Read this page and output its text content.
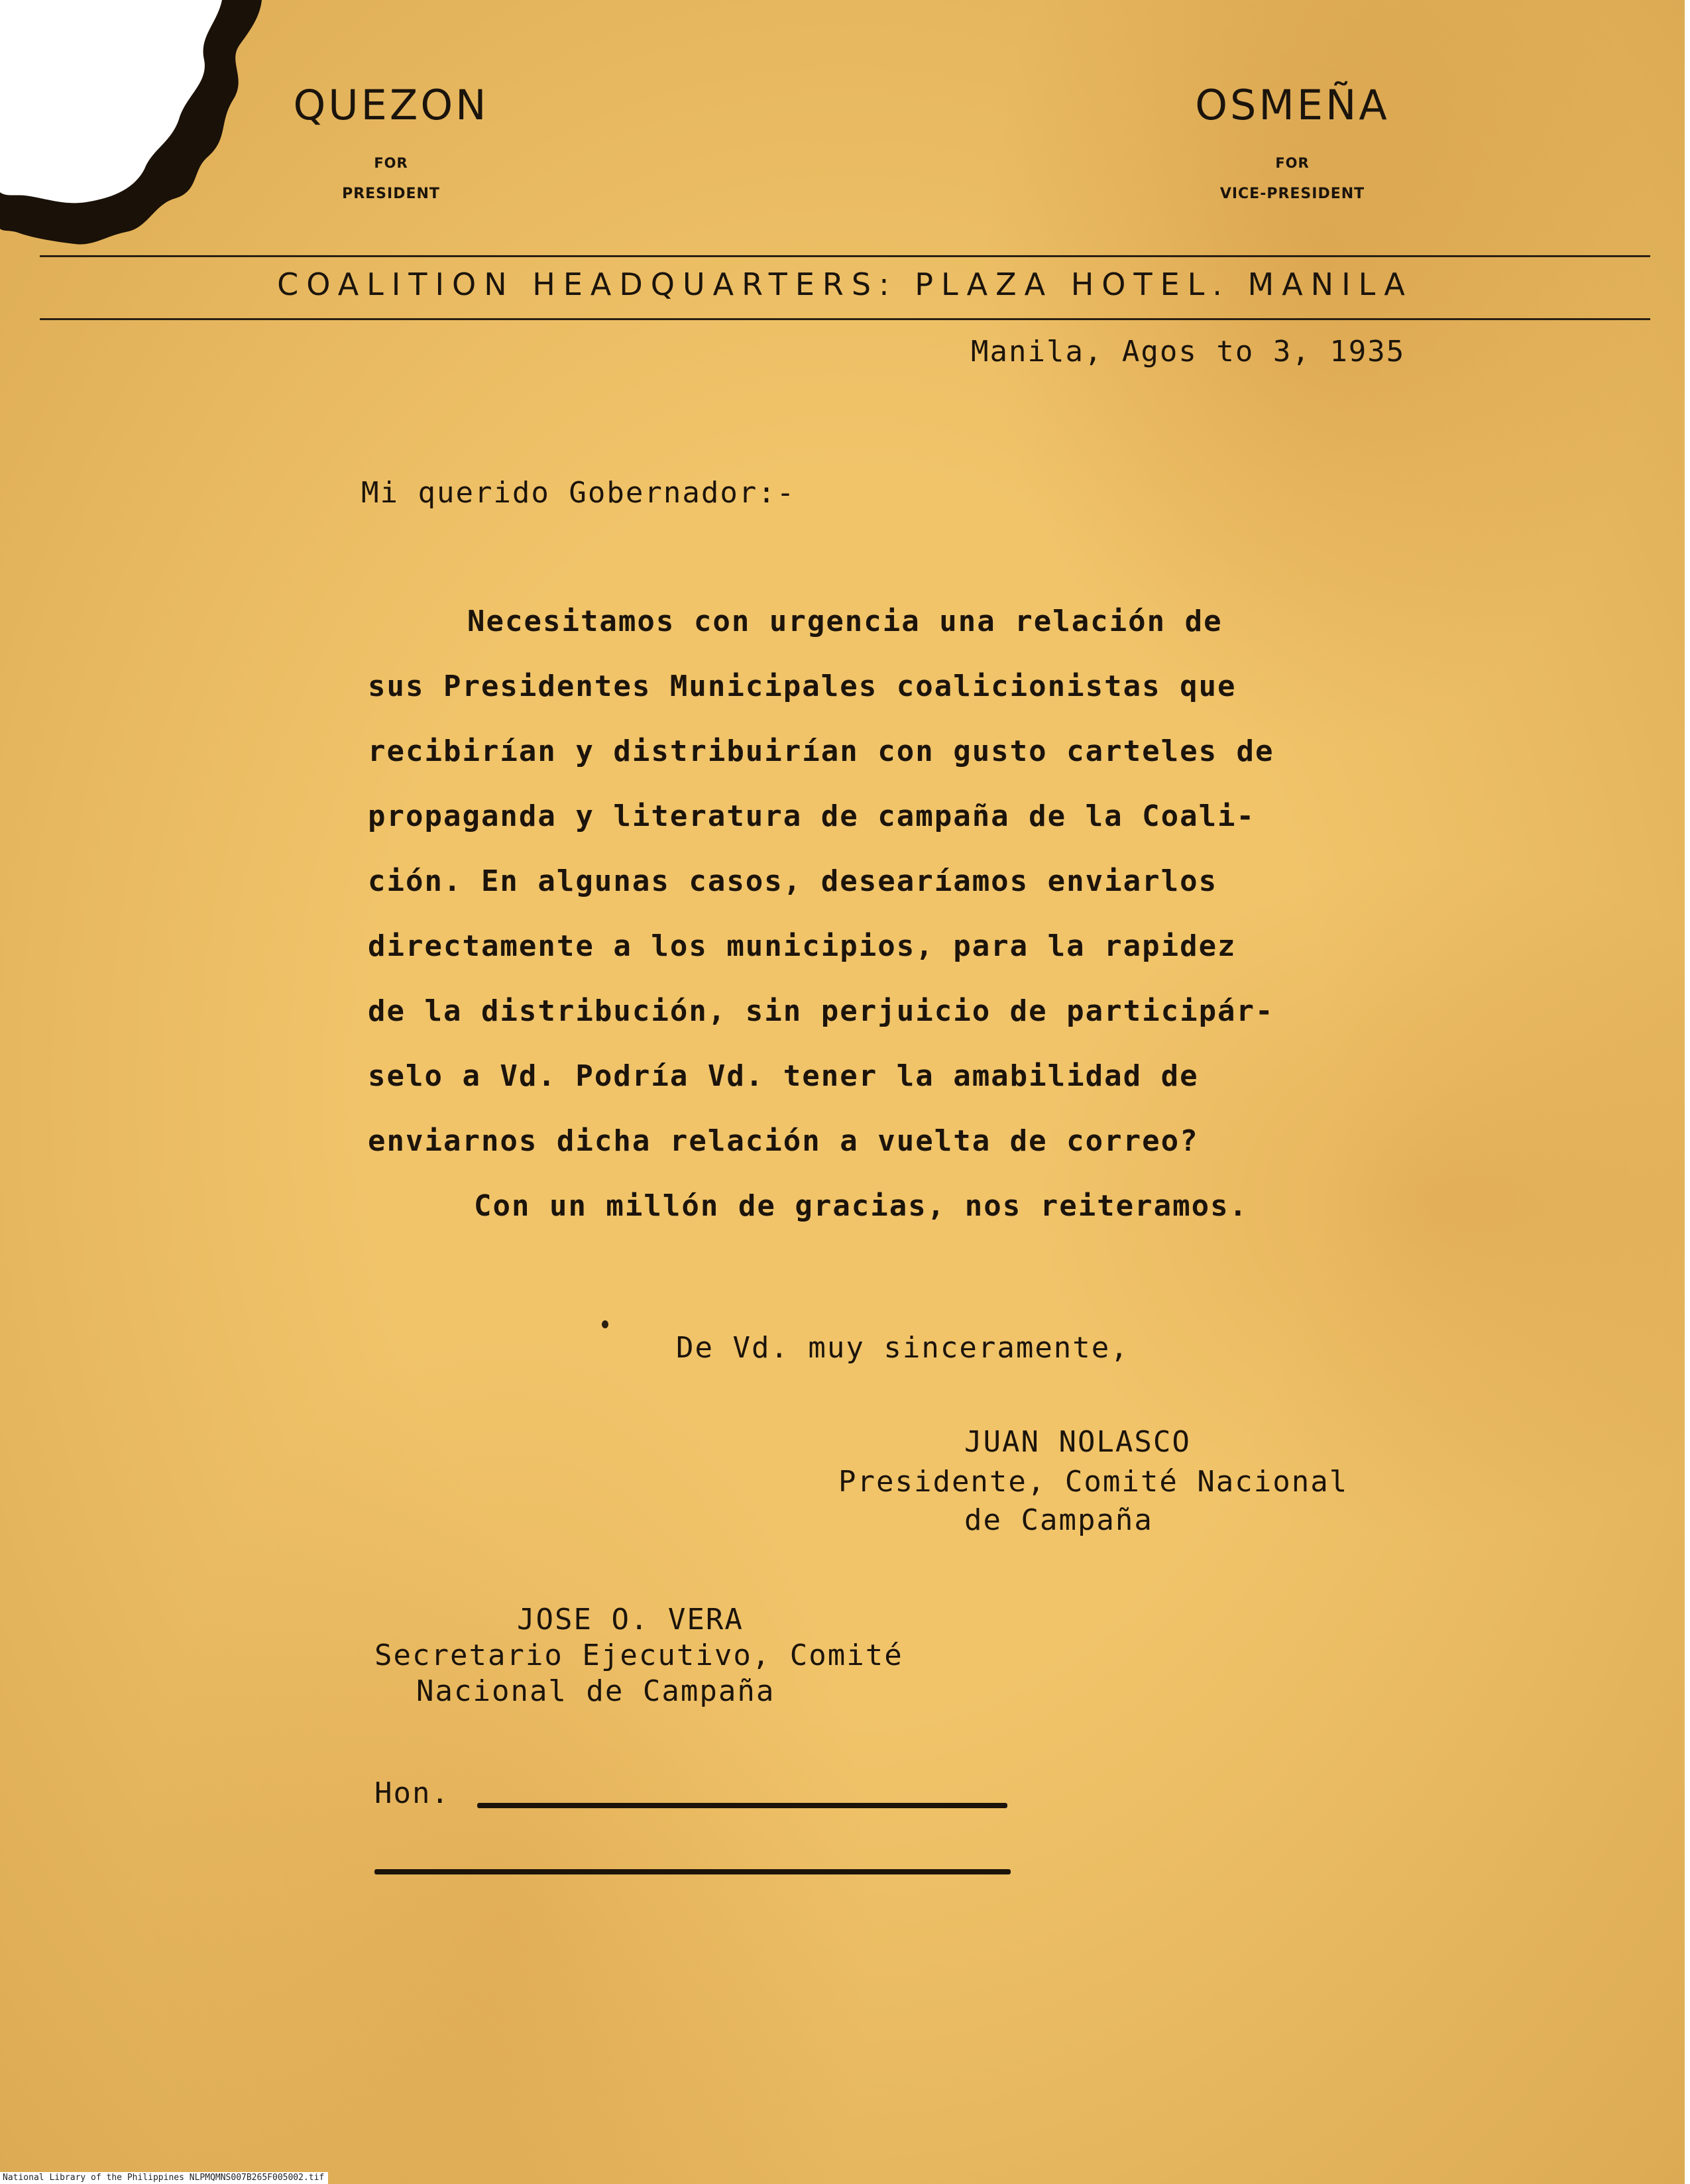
QUEZON
FOR
PRESIDENT
OSMEÑA
FOR
VICE-PRESIDENT
COALITION HEADQUARTERS: PLAZA HOTEL. MANILA
Manila, Agos to 3, 1935
Mi querido Gobernador:-
Necesitamos con urgencia una relación de
sus Presidentes Municipales coalicionistas que
recibirían y distribuirían con gusto carteles de
propaganda y literatura de campaña de la Coali-
ción. En algunas casos, desearíamos enviarlos
directamente a los municipios, para la rapidez
de la distribución, sin perjuicio de participár-
selo a Vd. Podría Vd. tener la amabilidad de
enviarnos dicha relación a vuelta de correo?
Con un millón de gracias, nos reiteramos.
De Vd. muy sinceramente,
JUAN NOLASCO
Presidente, Comité Nacional
de Campaña
JOSE O. VERA
Secretario Ejecutivo, Comité
Nacional de Campaña
Hon.
National Library of the Philippines NLPMQMNS007B265F005002.tif
